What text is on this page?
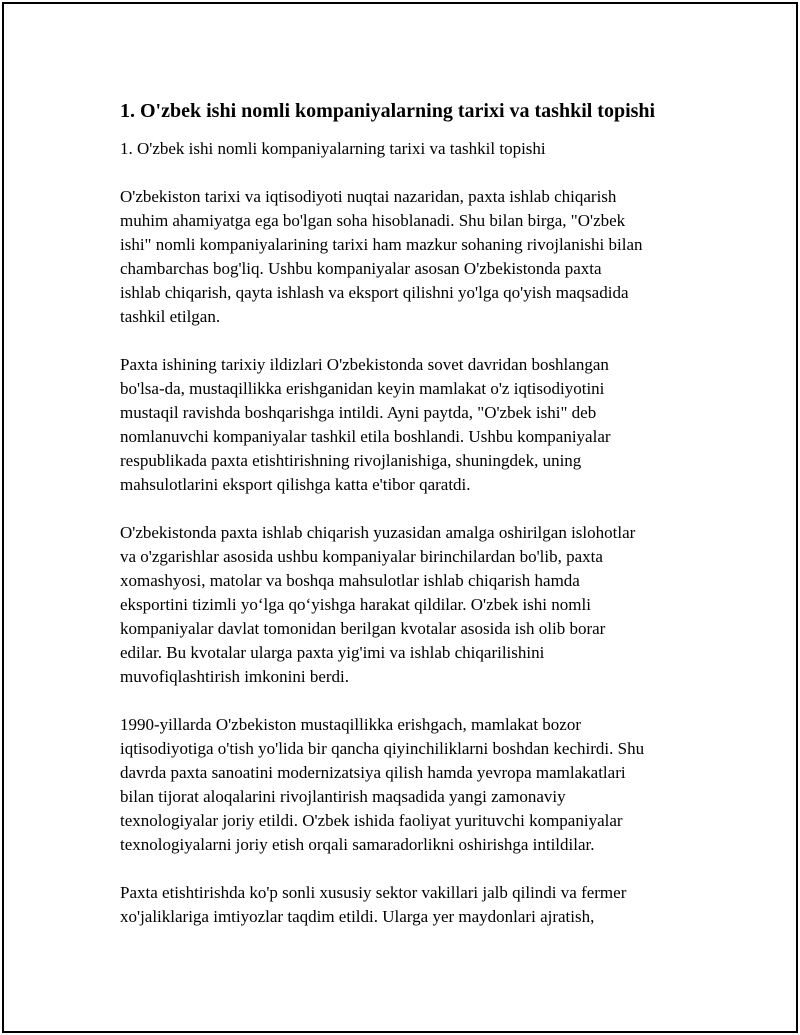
1. O'zbek ishi nomli kompaniyalarning tarixi va tashkil topishi

1. O'zbek ishi nomli kompaniyalarning tarixi va tashkil topishi

O'zbekiston tarixi va iqtisodiyoti nuqtai nazaridan, paxta ishlab chiqarish
muhim ahamiyatga ega bo'lgan soha hisoblanadi. Shu bilan birga, "O'zbek
ishi" nomli kompaniyalarining tarixi ham mazkur sohaning rivojlanishi bilan
chambarchas bog'liq. Ushbu kompaniyalar asosan O'zbekistonda paxta
ishlab chiqarish, qayta ishlash va eksport qilishni yo'lga qo'yish maqsadida
tashkil etilgan.

Paxta ishining tarixiy ildizlari O'zbekistonda sovet davridan boshlangan
bo'lsa-da, mustaqillikka erishganidan keyin mamlakat o'z iqtisodiyotini
mustaqil ravishda boshqarishga intildi. Ayni paytda, "O'zbek ishi" deb
nomlanuvchi kompaniyalar tashkil etila boshlandi. Ushbu kompaniyalar
respublikada paxta etishtirishning rivojlanishiga, shuningdek, uning
mahsulotlarini eksport qilishga katta e'tibor qaratdi.

O'zbekistonda paxta ishlab chiqarish yuzasidan amalga oshirilgan islohotlar
va o'zgarishlar asosida ushbu kompaniyalar birinchilardan bo'lib, paxta
xomashyosi, matolar va boshqa mahsulotlar ishlab chiqarish hamda
eksportini tizimli yo‘lga qo‘yishga harakat qildilar. O'zbek ishi nomli
kompaniyalar davlat tomonidan berilgan kvotalar asosida ish olib borar
edilar. Bu kvotalar ularga paxta yig'imi va ishlab chiqarilishini
muvofiqlashtirish imkonini berdi.

1990-yillarda O'zbekiston mustaqillikka erishgach, mamlakat bozor
iqtisodiyotiga o'tish yo'lida bir qancha qiyinchiliklarni boshdan kechirdi. Shu
davrda paxta sanoatini modernizatsiya qilish hamda yevropa mamlakatlari
bilan tijorat aloqalarini rivojlantirish maqsadida yangi zamonaviy
texnologiyalar joriy etildi. O'zbek ishida faoliyat yurituvchi kompaniyalar
texnologiyalarni joriy etish orqali samaradorlikni oshirishga intildilar.

Paxta etishtirishda ko'p sonli xususiy sektor vakillari jalb qilindi va fermer
xo'jaliklariga imtiyozlar taqdim etildi. Ularga yer maydonlari ajratish,
